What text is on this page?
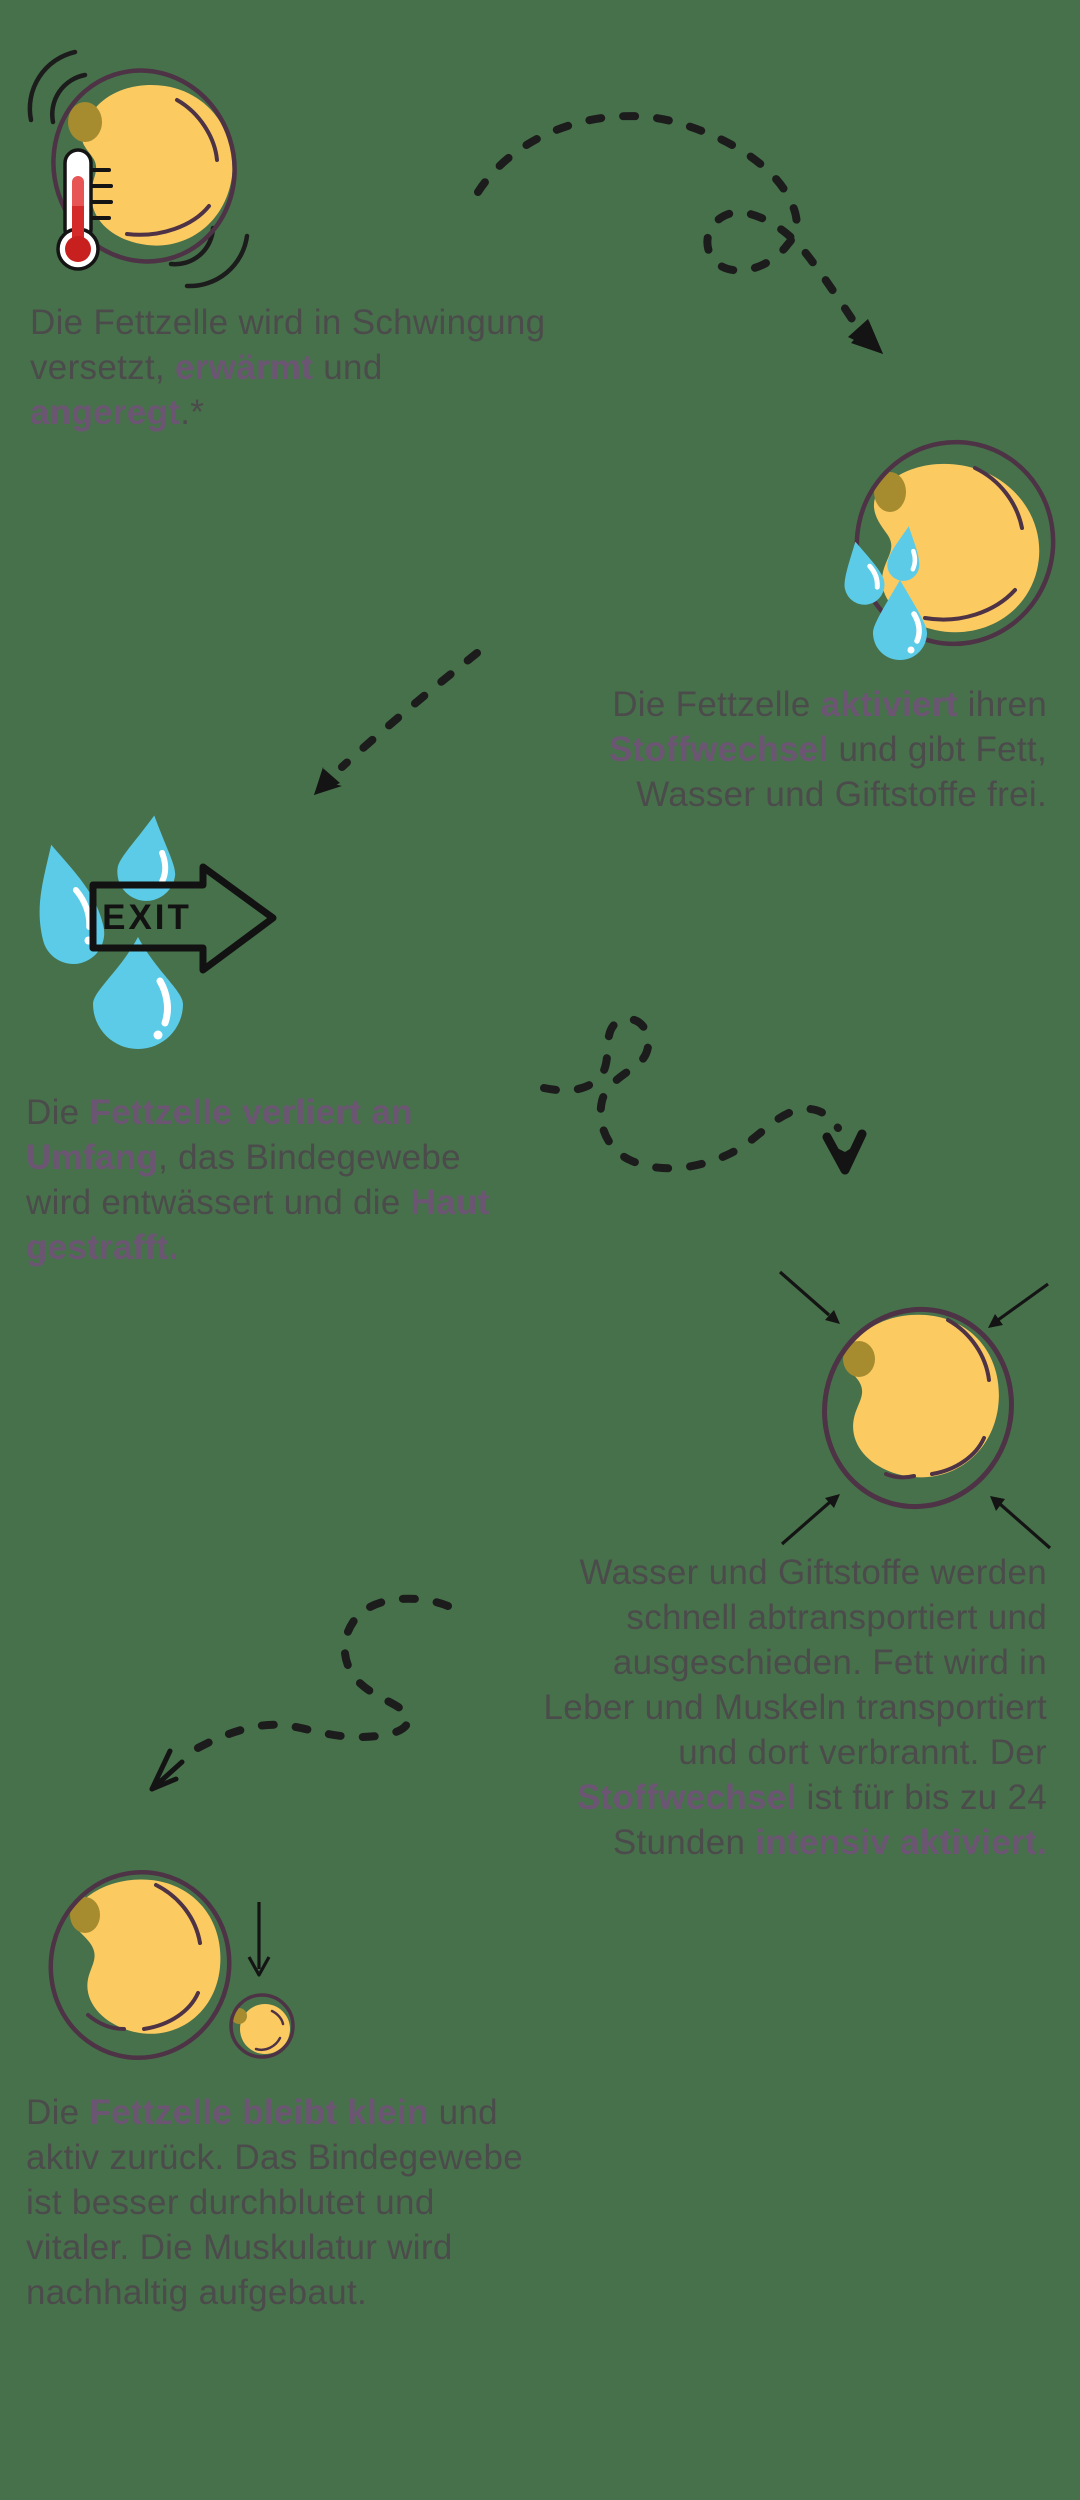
Die Fettzelle wird in Schwingung
versetzt, erwärmt und
angeregt.*
Die Fettzelle aktiviert ihren
Stoffwechsel und gibt Fett,
Wasser und Giftstoffe frei.
EXIT
Die Fettzelle verliert an
Umfang, das Bindegewebe
wird entwässert und die Haut
gestrafft.
Wasser und Giftstoffe werden
schnell abtransportiert und
ausgeschieden. Fett wird in
Leber und Muskeln transportiert
und dort verbrannt. Der
Stoffwechsel ist für bis zu 24
Stunden intensiv aktiviert.
Die Fettzelle bleibt klein und
aktiv zurück. Das Bindegewebe
ist besser durchblutet und
vitaler. Die Muskulatur wird
nachhaltig aufgebaut.
